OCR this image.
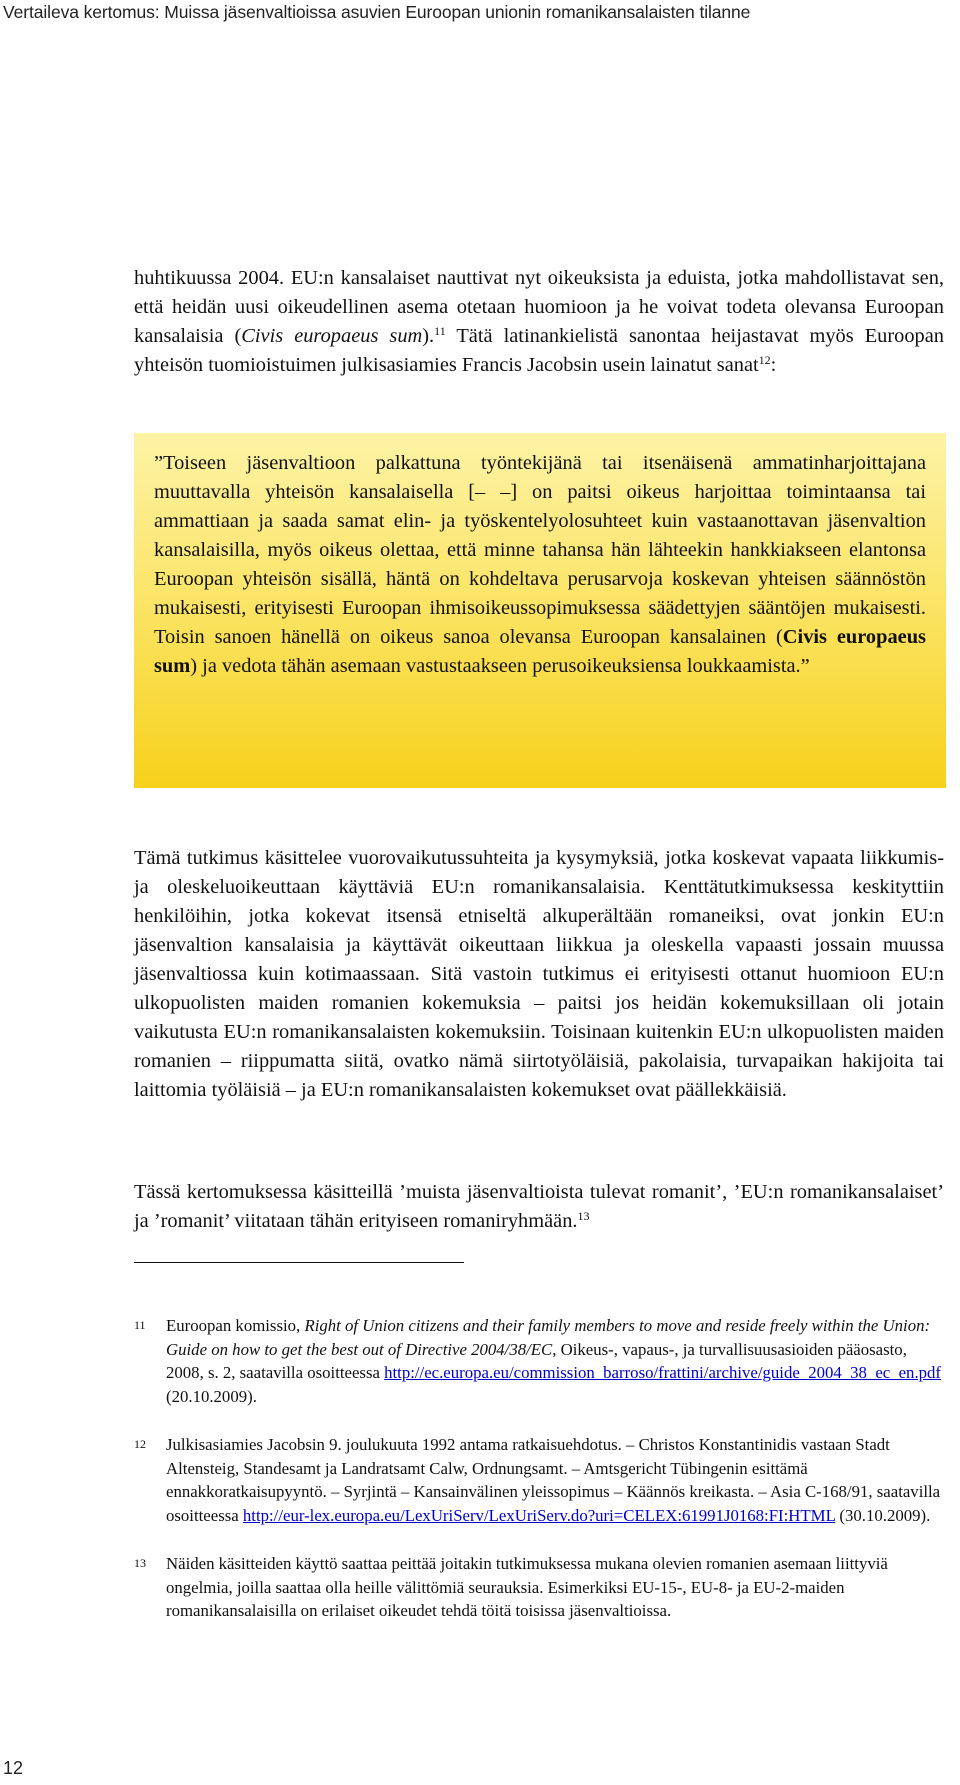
Vertaileva kertomus: Muissa jäsenvaltioissa asuvien Euroopan unionin romanikansalaisten tilanne

huhtikuussa 2004. EU:n kansalaiset nauttivat nyt oikeuksista ja eduista, jotka mahdollistavat sen, että heidän uusi oikeudellinen asema otetaan huomioon ja he voivat todeta olevansa Euroopan kansalaisia (Civis europaeus sum).$^{11}$ Tätä latinankielistä sanontaa heijastavat myös Euroopan yhteisön tuomioistuimen julkisasiamies Francis Jacobsin usein lainatut sanat$^{12}$:

”Toiseen jäsenvaltioon palkattuna työntekijänä tai itsenäisenä ammatinharjoittajana muuttavalla yhteisön kansalaisella [– –] on paitsi oikeus harjoittaa toimintaansa tai ammattiaan ja saada samat elin- ja työskentelyolosuhteet kuin vastaanottavan jäsenvaltion kansalaisilla, myös oikeus olettaa, että minne tahansa hän lähteekin hankkiakseen elantonsa Euroopan yhteisön sisällä, häntä on kohdeltava perusarvoja koskevan yhteisen säännöstön mukaisesti, erityisesti Euroopan ihmisoikeussopimuksessa säädettyjen sääntöjen mukaisesti. Toisin sanoen hänellä on oikeus sanoa olevansa Euroopan kansalainen (Civis europaeus sum) ja vedota tähän asemaan vastustaakseen perusoikeuksiensa loukkaamista.”

Tämä tutkimus käsittelee vuorovaikutussuhteita ja kysymyksiä, jotka koskevat vapaata liikkumis- ja oleskeluoikeuttaan käyttäviä EU:n romanikansalaisia. Kenttätutkimuksessa keskityttiin henkilöihin, jotka kokevat itsensä etniseltä alkuperältään romaneiksi, ovat jonkin EU:n jäsenvaltion kansalaisia ja käyttävät oikeuttaan liikkua ja oleskella vapaasti jossain muussa jäsenvaltiossa kuin kotimaassaan. Sitä vastoin tutkimus ei erityisesti ottanut huomioon EU:n ulkopuolisten maiden romanien kokemuksia – paitsi jos heidän kokemuksillaan oli jotain vaikutusta EU:n romanikansalaisten kokemuksiin. Toisinaan kuitenkin EU:n ulkopuolisten maiden romanien – riippumatta siitä, ovatko nämä siirtotyöläisiä, pakolaisia, turvapaikan hakijoita tai laittomia työläisiä – ja EU:n romanikansalaisten kokemukset ovat päällekkäisiä.

Tässä kertomuksessa käsitteillä ’muista jäsenvaltioista tulevat romanit’, ’EU:n romanikansalaiset’ ja ’romanit’ viitataan tähän erityiseen romaniryhmään.$^{13}$

11 Euroopan komissio, Right of Union citizens and their family members to move and reside freely within the Union: Guide on how to get the best out of Directive 2004/38/EC, Oikeus-, vapaus-, ja turvallisuusasioiden pääosasto, 2008, s. 2, saatavilla osoitteessa http://ec.europa.eu/commission_barroso/frattini/archive/guide_2004_38_ec_en.pdf (20.10.2009).
12 Julkisasiamies Jacobsin 9. joulukuuta 1992 antama ratkaisuehdotus. – Christos Konstantinidis vastaan Stadt Altensteig, Standesamt ja Landratsamt Calw, Ordnungsamt. – Amtsgericht Tübingenin esittämä ennakkoratkaisupyyntö. – Syrjintä – Kansainvälinen yleissopimus – Käännös kreikasta. – Asia C-168/91, saatavilla osoitteessa http://eur-lex.europa.eu/LexUriServ/LexUriServ.do?uri=CELEX:61991J0168:FI:HTML (30.10.2009).
13 Näiden käsitteiden käyttö saattaa peittää joitakin tutkimuksessa mukana olevien romanien asemaan liittyviä ongelmia, joilla saattaa olla heille välittömiä seurauksia. Esimerkiksi EU-15-, EU-8- ja EU-2-maiden romanikansalaisilla on erilaiset oikeudet tehdä töitä toisissa jäsenvaltioissa.
12
